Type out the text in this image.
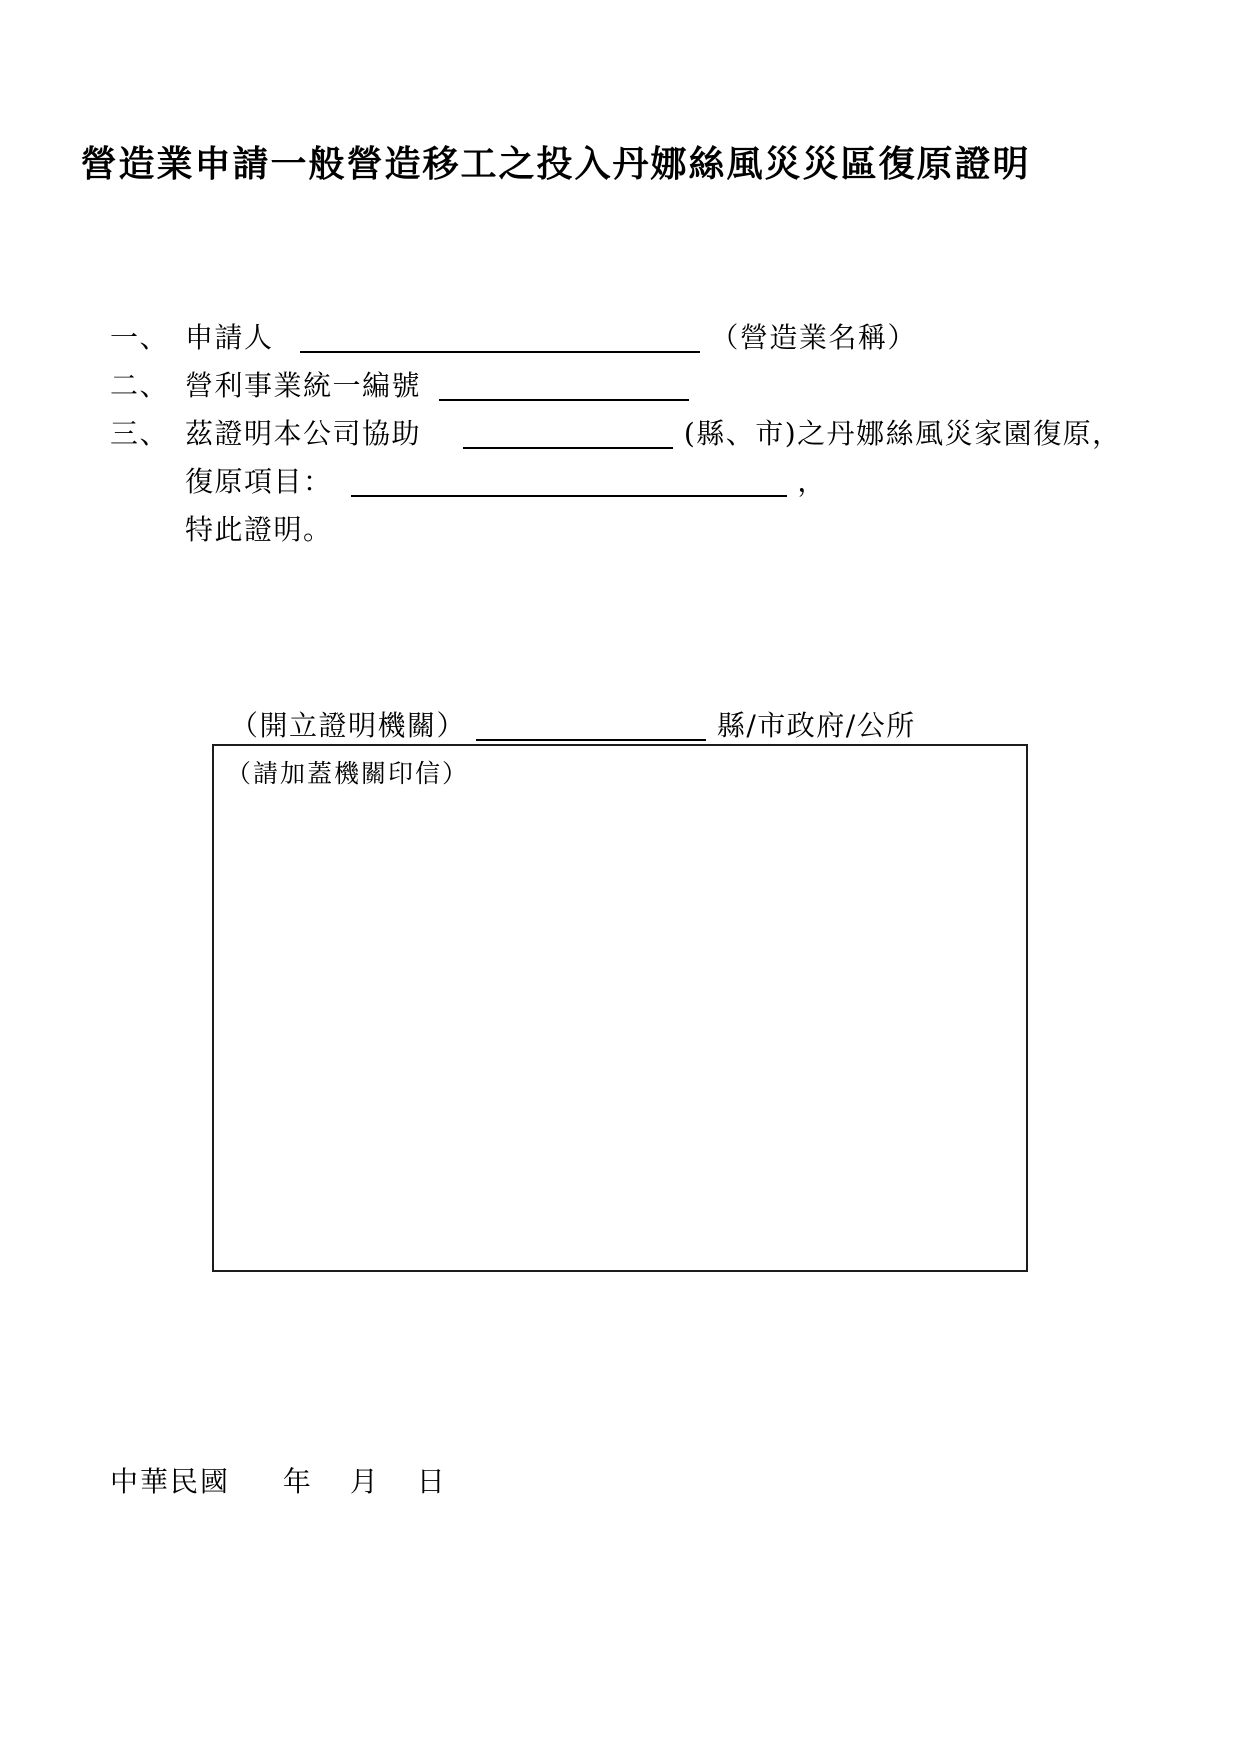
營造業申請一般營造移工之投入丹娜絲風災災區復原證明
一、 申請人	（營造業名稱）
二、 營利事業統一編號
三、 茲證明本公司協助	(縣、市)之丹娜絲風災家園復原，
復原項目：	，
特此證明。
（開立證明機關）	縣/市政府/公所
（請加蓋機關印信）
中華民國 年 月 日
